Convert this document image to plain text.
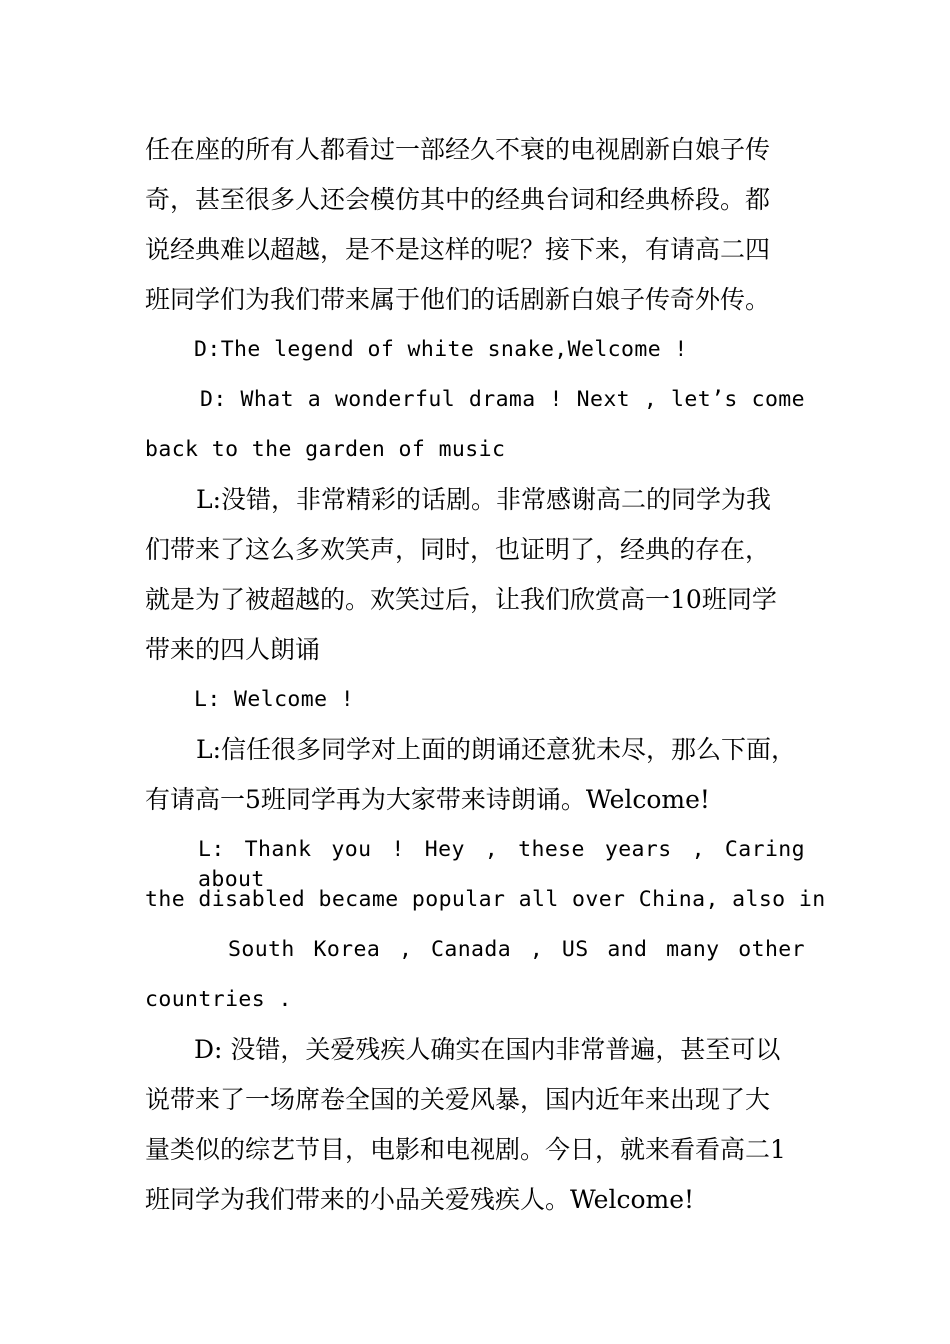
任在座的所有人都看过一部经久不衰的电视剧新白娘子传
奇，甚至很多人还会模仿其中的经典台词和经典桥段。都
说经典难以超越，是不是这样的呢？接下来，有请高二四
班同学们为我们带来属于他们的话剧新白娘子传奇外传。
D:The legend of white snake,Welcome !
D: What a wonderful drama ! Next , let’s come
back to the garden of music
L:没错，非常精彩的话剧。非常感谢高二的同学为我
们带来了这么多欢笑声，同时，也证明了，经典的存在，
就是为了被超越的。欢笑过后，让我们欣赏高一10班同学
带来的四人朗诵
L: Welcome !
L:信任很多同学对上面的朗诵还意犹未尽，那么下面，
有请高一5班同学再为大家带来诗朗诵。Welcome!
L: Thank you ! Hey , these years , Caring about
the disabled became popular all over China, also in
South Korea , Canada , US and many other
countries .
D: 没错，关爱残疾人确实在国内非常普遍，甚至可以
说带来了一场席卷全国的关爱风暴，国内近年来出现了大
量类似的综艺节目，电影和电视剧。今日，就来看看高二1
班同学为我们带来的小品关爱残疾人。Welcome!
